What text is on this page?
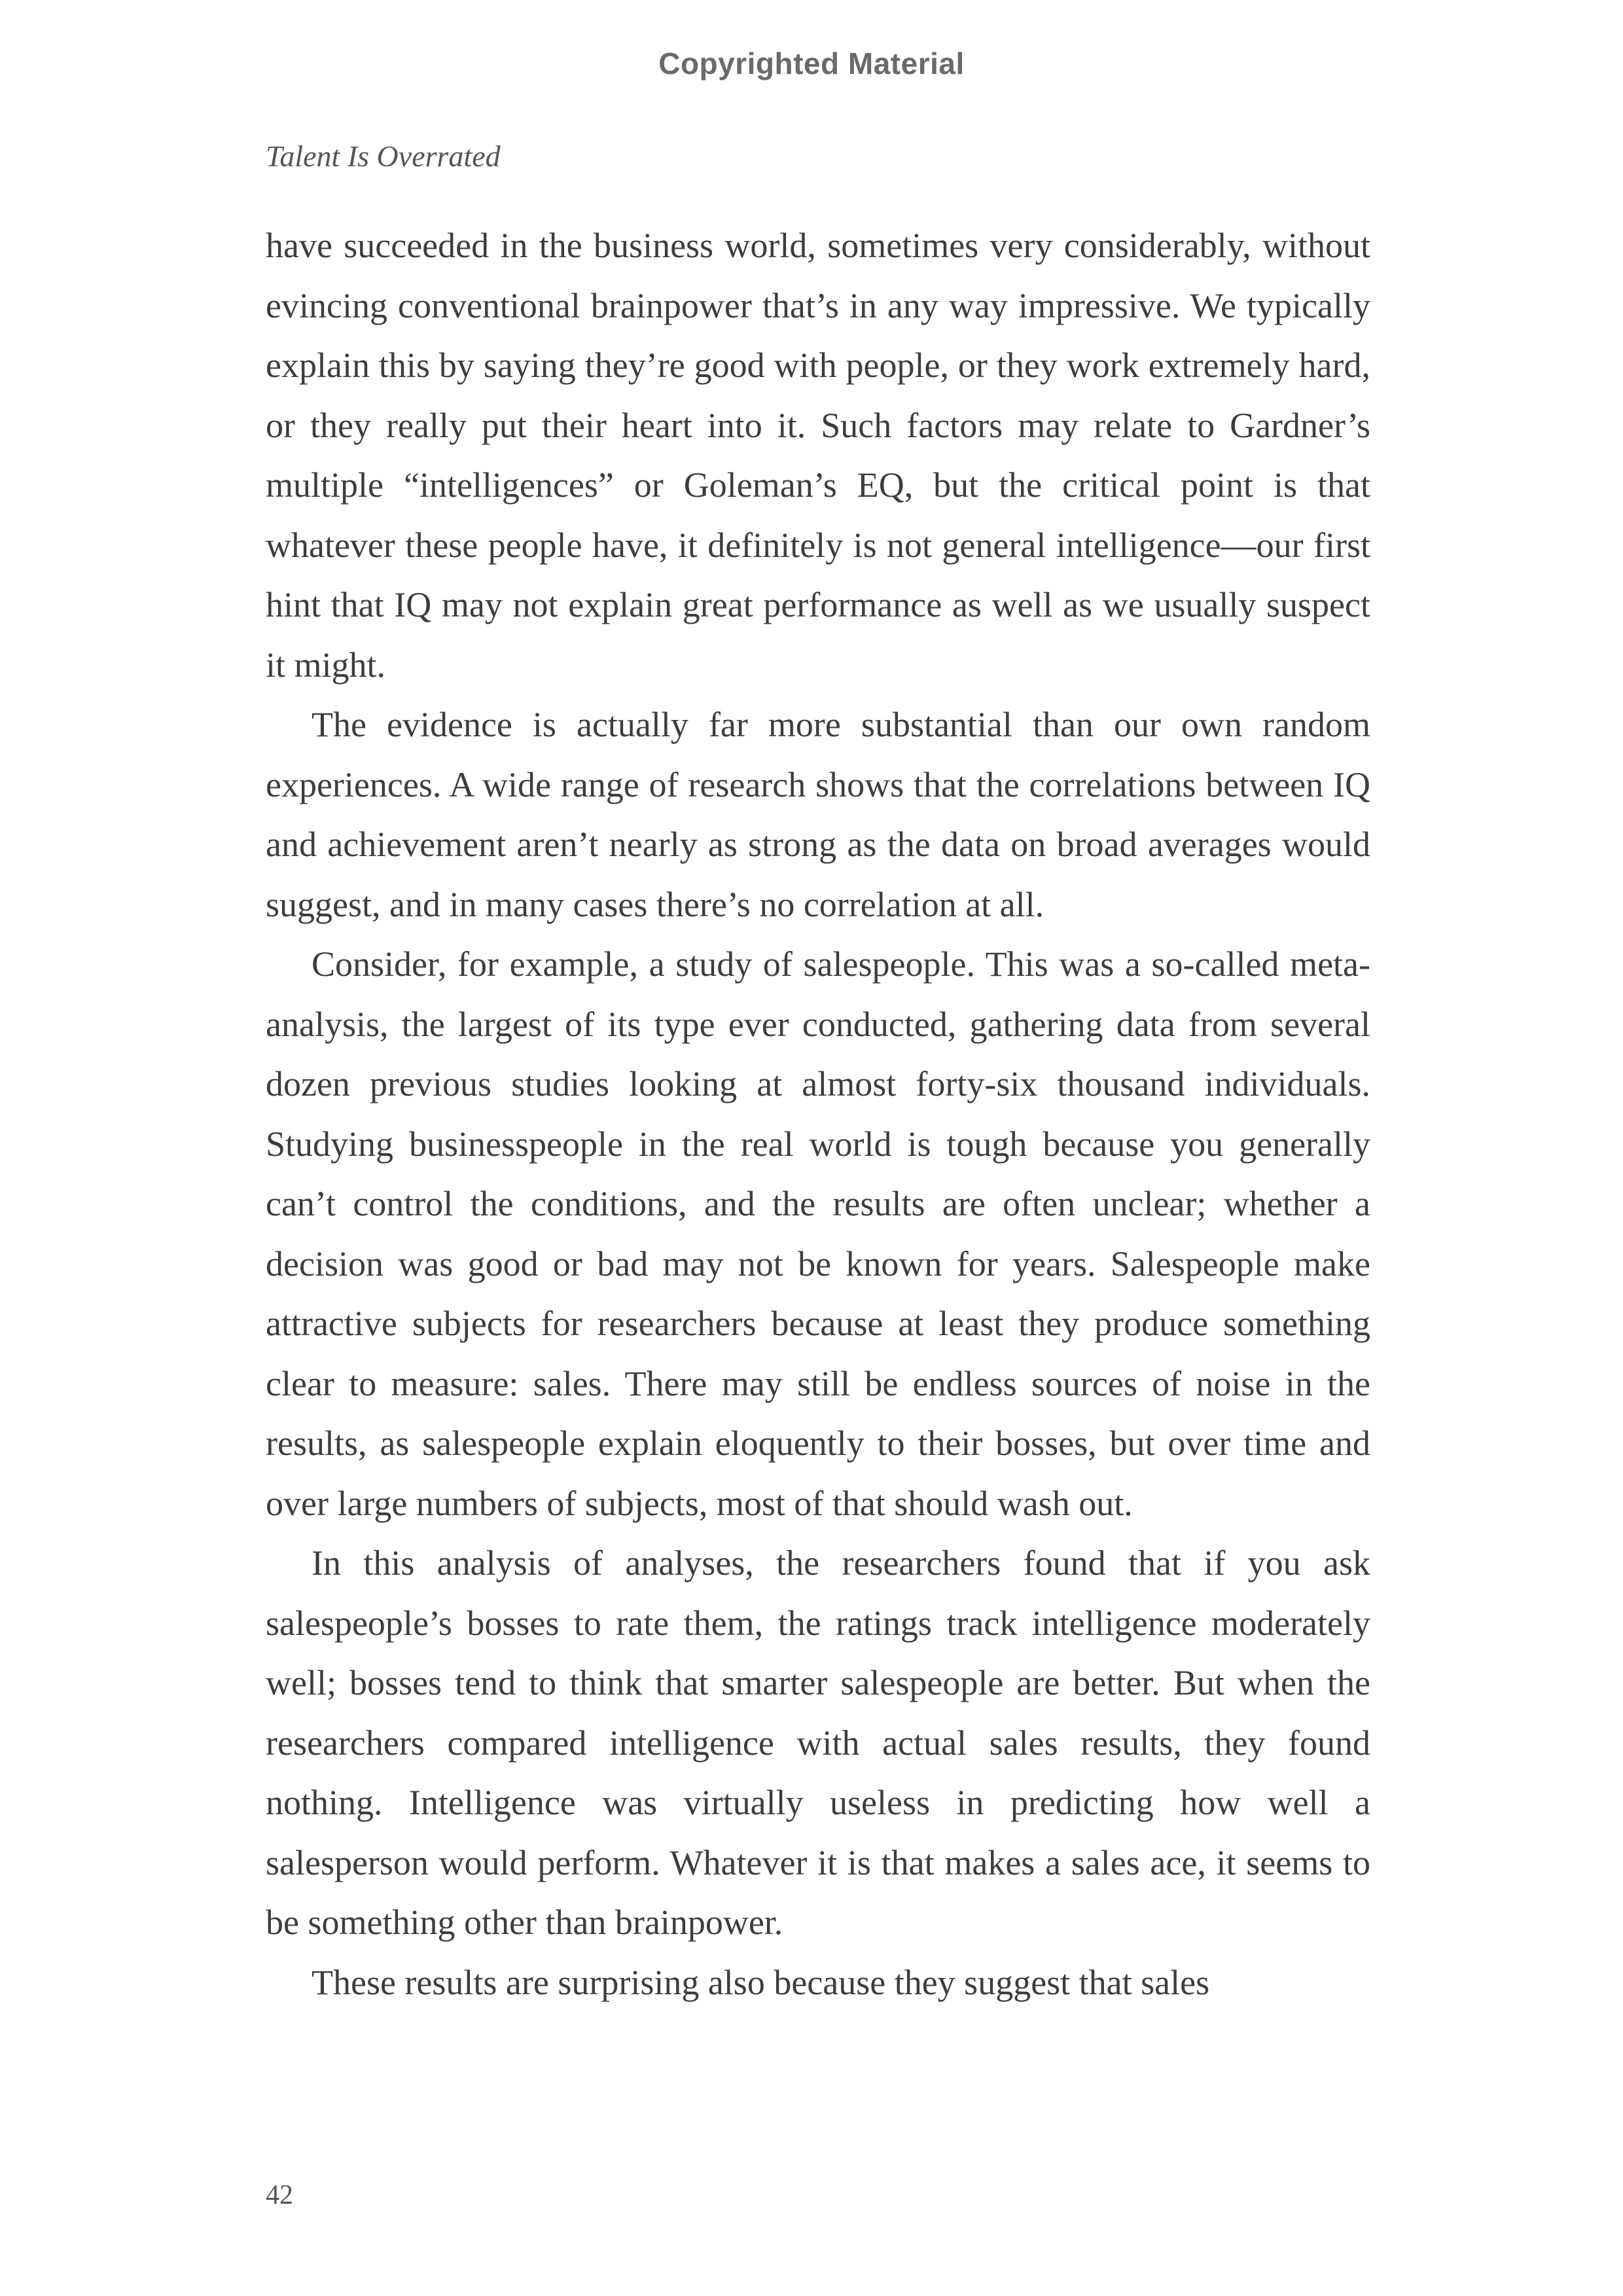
Copyrighted Material
Talent Is Overrated

have succeeded in the business world, sometimes very considerably, without evincing conventional brainpower that’s in any way impressive. We typically explain this by saying they’re good with people, or they work extremely hard, or they really put their heart into it. Such factors may relate to Gardner’s multiple “intelligences” or Goleman’s EQ, but the critical point is that whatever these people have, it definitely is not general intelligence—our first hint that IQ may not explain great performance as well as we usually suspect it might.

The evidence is actually far more substantial than our own random experiences. A wide range of research shows that the correlations between IQ and achievement aren’t nearly as strong as the data on broad averages would suggest, and in many cases there’s no correlation at all.

Consider, for example, a study of salespeople. This was a so-called meta-analysis, the largest of its type ever conducted, gathering data from several dozen previous studies looking at almost forty-six thousand individuals. Studying businesspeople in the real world is tough because you generally can’t control the conditions, and the results are often unclear; whether a decision was good or bad may not be known for years. Salespeople make attractive subjects for researchers because at least they produce something clear to measure: sales. There may still be endless sources of noise in the results, as salespeople explain eloquently to their bosses, but over time and over large numbers of subjects, most of that should wash out.

In this analysis of analyses, the researchers found that if you ask salespeople’s bosses to rate them, the ratings track intelligence moderately well; bosses tend to think that smarter salespeople are better. But when the researchers compared intelligence with actual sales results, they found nothing. Intelligence was virtually useless in predicting how well a salesperson would perform. Whatever it is that makes a sales ace, it seems to be something other than brainpower.

These results are surprising also because they suggest that sales

42
